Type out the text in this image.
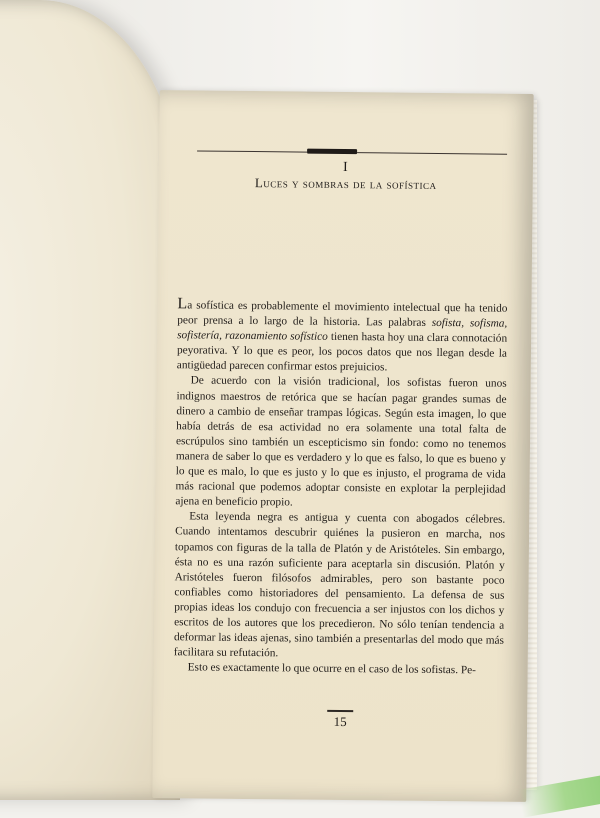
I
Luces y sombras de la sofística

La sofística es probablemente el movimiento intelectual que ha tenido peor prensa a lo largo de la historia. Las palabras sofista, sofisma, sofistería, razonamiento sofístico tienen hasta hoy una clara connotación peyorativa. Y lo que es peor, los pocos datos que nos llegan desde la antigüedad parecen confirmar estos prejuicios.

De acuerdo con la visión tradicional, los sofistas fueron unos indignos maestros de retórica que se hacían pagar grandes sumas de dinero a cambio de enseñar trampas lógicas. Según esta imagen, lo que había detrás de esa actividad no era solamente una total falta de escrúpulos sino también un escepticismo sin fondo: como no tenemos manera de saber lo que es verdadero y lo que es falso, lo que es bueno y lo que es malo, lo que es justo y lo que es injusto, el programa de vida más racional que podemos adoptar consiste en explotar la perplejidad ajena en beneficio propio.

Esta leyenda negra es antigua y cuenta con abogados célebres. Cuando intentamos descubrir quiénes la pusieron en marcha, nos topamos con figuras de la talla de Platón y de Aristóteles. Sin embargo, ésta no es una razón suficiente para aceptarla sin discusión. Platón y Aristóteles fueron filósofos admirables, pero son bastante poco confiables como historiadores del pensamiento. La defensa de sus propias ideas los condujo con frecuencia a ser injustos con los dichos y escritos de los autores que los precedieron. No sólo tenían tendencia a deformar las ideas ajenas, sino también a presentarlas del modo que más facilitara su refutación.

Esto es exactamente lo que ocurre en el caso de los sofistas. Pe-

15
